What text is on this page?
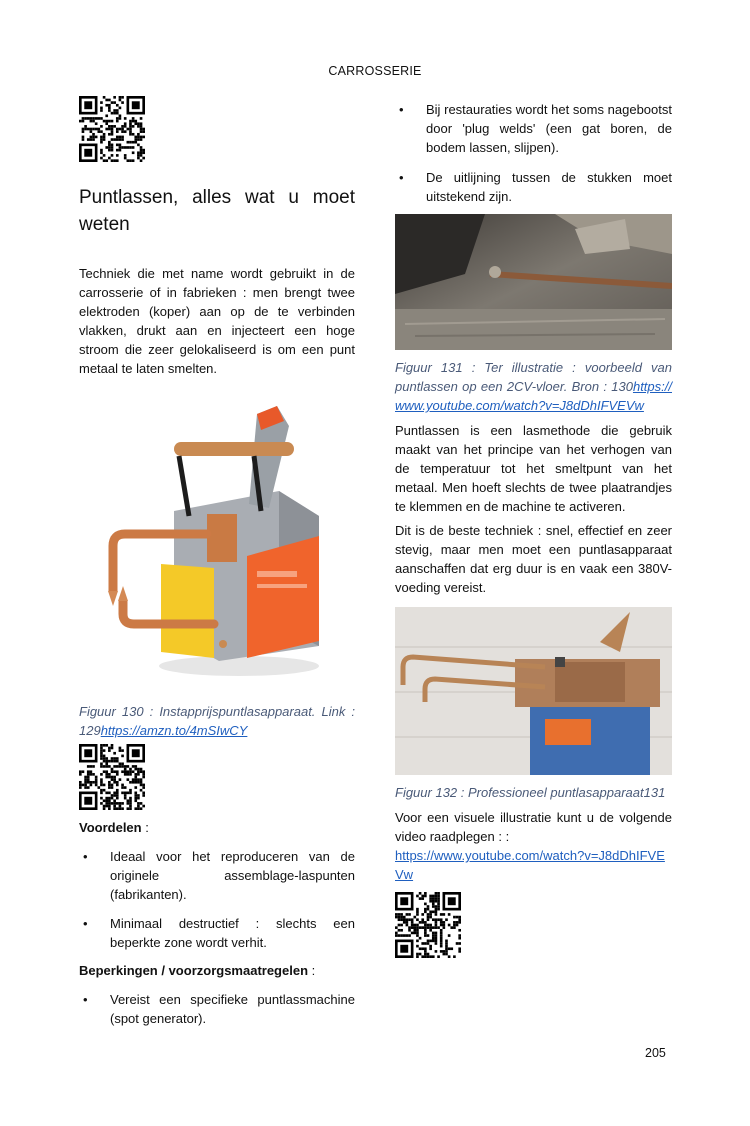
CARROSSERIE
Puntlassen, alles wat u moet weten

Techniek die met name wordt gebruikt in de carrosserie of in fabrieken : men brengt twee elektroden (koper) aan op de te verbinden vlakken, drukt aan en injecteert een hoge stroom die zeer gelokaliseerd is om een punt metaal te laten smelten.

Figuur 130 : Instapprijspuntlasapparaat. Link : 129https://amzn.to/4mSIwCY

Voordelen :

• Ideaal voor het reproduceren van de originele assemblage-laspunten (fabrikanten).
• Minimaal destructief : slechts een beperkte zone wordt verhit.

Beperkingen / voorzorgsmaatregelen :

• Vereist een specifieke puntlassmachine (spot generator).
• Bij restauraties wordt het soms nagebootst door 'plug welds' (een gat boren, de bodem lassen, slijpen).
• De uitlijning tussen de stukken moet uitstekend zijn.
Figuur 131 : Ter illustratie : voorbeeld van puntlassen op een 2CV-vloer. Bron : 130https://www.youtube.com/watch?v=J8dDhIFVEVw

Puntlassen is een lasmethode die gebruik maakt van het principe van het verhogen van de temperatuur tot het smeltpunt van het metaal. Men hoeft slechts de twee plaatrandjes te klemmen en de machine te activeren.

Dit is de beste techniek : snel, effectief en zeer stevig, maar men moet een puntlasapparaat aanschaffen dat erg duur is en vaak een 380V-voeding vereist.

Figuur 132 : Professioneel puntlasapparaat131

Voor een visuele illustratie kunt u de volgende video raadplegen : :

https://www.youtube.com/watch?v=J8dDhIFVEVw

205
